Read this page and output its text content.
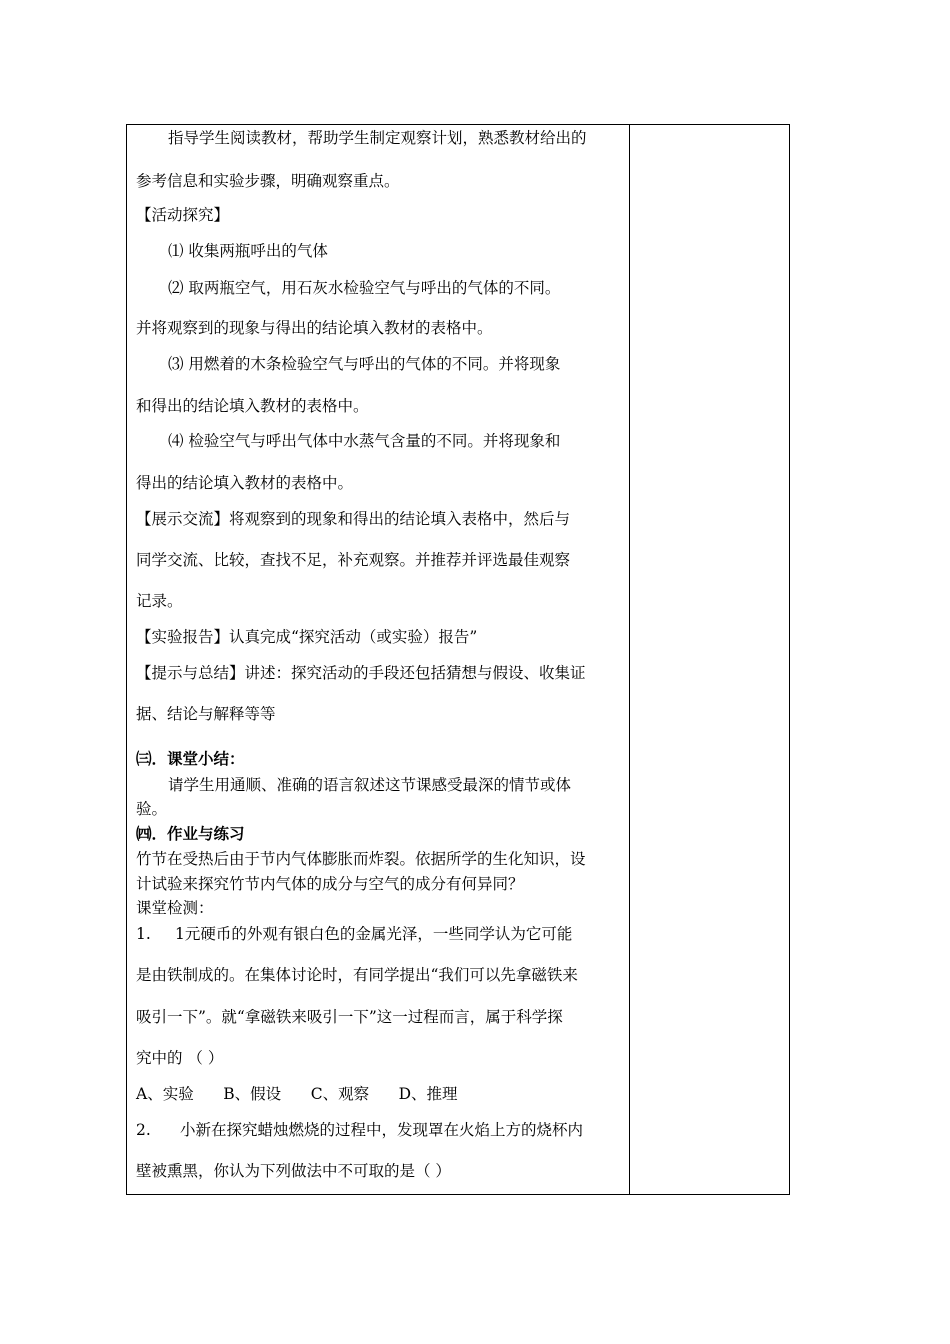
指导学生阅读教材，帮助学生制定观察计划，熟悉教材给出的
参考信息和实验步骤，明确观察重点。
【活动探究】
⑴ 收集两瓶呼出的气体
⑵ 取两瓶空气，用石灰水检验空气与呼出的气体的不同。
并将观察到的现象与得出的结论填入教材的表格中。
⑶ 用燃着的木条检验空气与呼出的气体的不同。并将现象
和得出的结论填入教材的表格中。
⑷ 检验空气与呼出气体中水蒸气含量的不同。并将现象和
得出的结论填入教材的表格中。
【展示交流】将观察到的现象和得出的结论填入表格中，然后与
同学交流、比较，查找不足，补充观察。并推荐并评选最佳观察
记录。
【实验报告】认真完成“探究活动（或实验）报告”
【提示与总结】讲述：探究活动的手段还包括猜想与假设、收集证
据、结论与解释等等
㈢．课堂小结：
请学生用通顺、准确的语言叙述这节课感受最深的情节或体
验。
㈣．作业与练习
竹节在受热后由于节内气体膨胀而炸裂。依据所学的生化知识，设
计试验来探究竹节内气体的成分与空气的成分有何异同？
课堂检测：
1. 1元硬币的外观有银白色的金属光泽，一些同学认为它可能
是由铁制成的。在集体讨论时，有同学提出“我们可以先拿磁铁来
吸引一下”。就“拿磁铁来吸引一下”这一过程而言，属于科学探
究中的 （ ）
A、实验      B、假设      C、观察      D、推理
2. 小新在探究蜡烛燃烧的过程中，发现罩在火焰上方的烧杯内
壁被熏黑，你认为下列做法中不可取的是（ ）
